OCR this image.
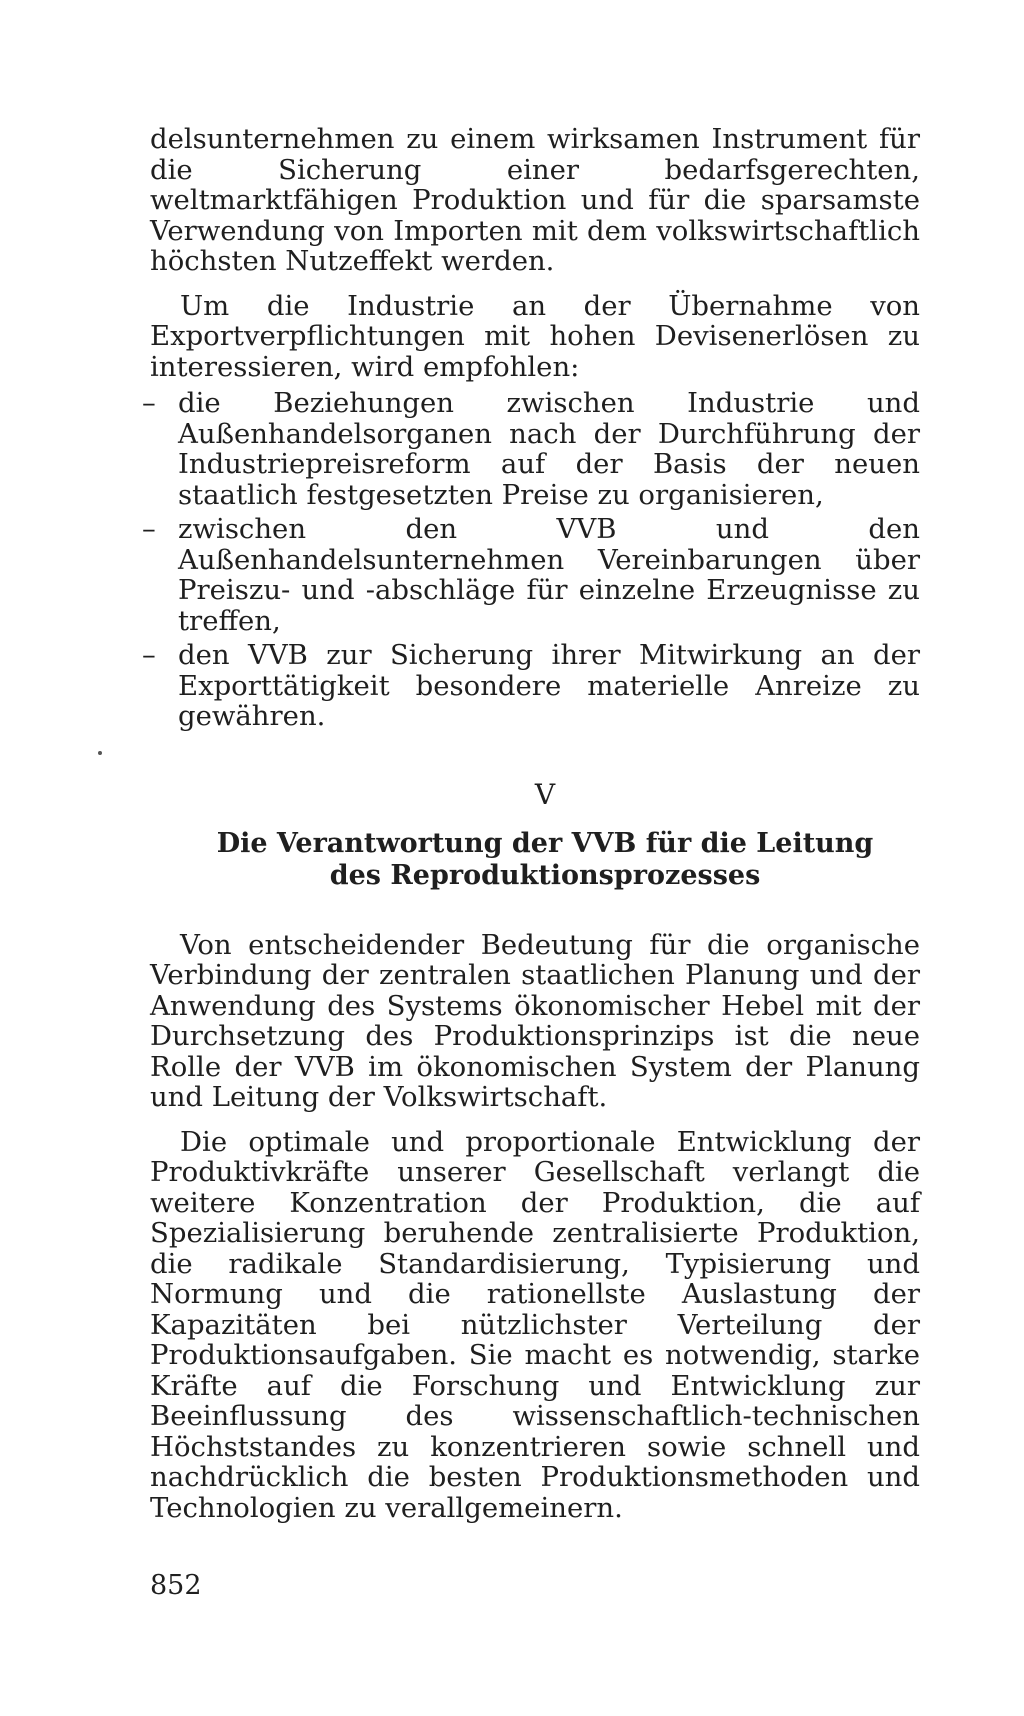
delsunternehmen zu einem wirksamen Instrument für die Sicherung einer bedarfsgerechten, weltmarktfähigen Produktion und für die sparsamste Verwendung von Importen mit dem volkswirtschaftlich höchsten Nutzeffekt werden.

Um die Industrie an der Übernahme von Exportverpflichtungen mit hohen Devisenerlösen zu interessieren, wird empfohlen:

– die Beziehungen zwischen Industrie und Außenhandelsorganen nach der Durchführung der Industriepreisreform auf der Basis der neuen staatlich festgesetzten Preise zu organisieren,
– zwischen den VVB und den Außenhandelsunternehmen Vereinbarungen über Preiszu- und -abschläge für einzelne Erzeugnisse zu treffen,
– den VVB zur Sicherung ihrer Mitwirkung an der Exporttätigkeit besondere materielle Anreize zu gewähren.
V
Die Verantwortung der VVB für die Leitung
des Reproduktionsprozesses

Von entscheidender Bedeutung für die organische Verbindung der zentralen staatlichen Planung und der Anwendung des Systems ökonomischer Hebel mit der Durchsetzung des Produktionsprinzips ist die neue Rolle der VVB im ökonomischen System der Planung und Leitung der Volkswirtschaft.

Die optimale und proportionale Entwicklung der Produktivkräfte unserer Gesellschaft verlangt die weitere Konzentration der Produktion, die auf Spezialisierung beruhende zentralisierte Produktion, die radikale Standardisierung, Typisierung und Normung und die rationellste Auslastung der Kapazitäten bei nützlichster Verteilung der Produktionsaufgaben. Sie macht es notwendig, starke Kräfte auf die Forschung und Entwicklung zur Beeinflussung des wissenschaftlich-technischen Höchststandes zu konzentrieren sowie schnell und nachdrücklich die besten Produktionsmethoden und Technologien zu verallgemeinern.

852
